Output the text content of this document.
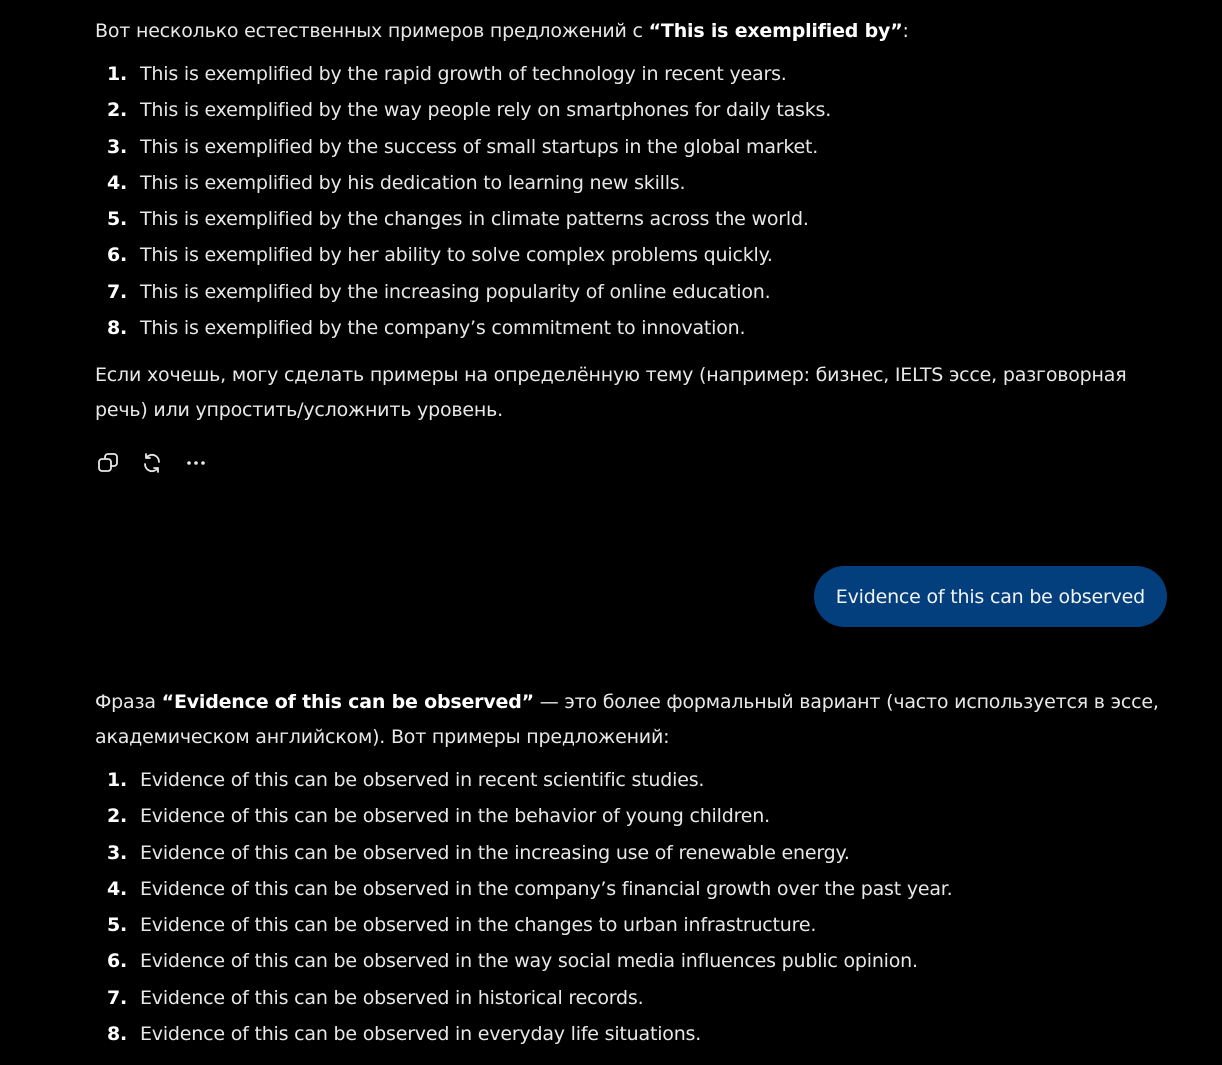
Вот несколько естественных примеров предложений с “This is exemplified by”:

1. This is exemplified by the rapid growth of technology in recent years.
2. This is exemplified by the way people rely on smartphones for daily tasks.
3. This is exemplified by the success of small startups in the global market.
4. This is exemplified by his dedication to learning new skills.
5. This is exemplified by the changes in climate patterns across the world.
6. This is exemplified by her ability to solve complex problems quickly.
7. This is exemplified by the increasing popularity of online education.
8. This is exemplified by the company’s commitment to innovation.

Если хочешь, могу сделать примеры на определённую тему (например: бизнес, IELTS эссе, разговорная речь) или упростить/усложнить уровень.

Evidence of this can be observed

Фраза “Evidence of this can be observed” — это более формальный вариант (часто используется в эссе, академическом английском). Вот примеры предложений:

1. Evidence of this can be observed in recent scientific studies.
2. Evidence of this can be observed in the behavior of young children.
3. Evidence of this can be observed in the increasing use of renewable energy.
4. Evidence of this can be observed in the company’s financial growth over the past year.
5. Evidence of this can be observed in the changes to urban infrastructure.
6. Evidence of this can be observed in the way social media influences public opinion.
7. Evidence of this can be observed in historical records.
8. Evidence of this can be observed in everyday life situations.
